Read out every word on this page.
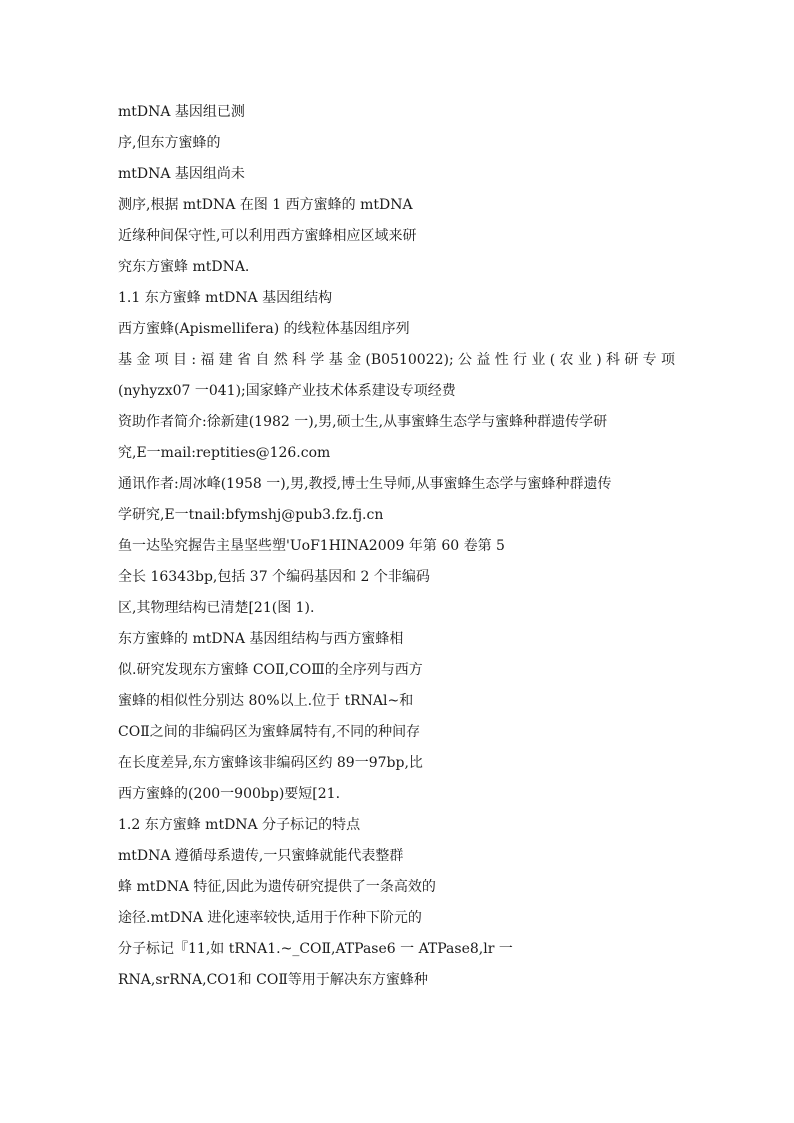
mtDNA 基因组已测
序,但东方蜜蜂的
mtDNA 基因组尚未
测序,根据 mtDNA 在图 1 西方蜜蜂的 mtDNA
近缘种间保守性,可以利用西方蜜蜂相应区域来研
究东方蜜蜂 mtDNA.
1.1 东方蜜蜂 mtDNA 基因组结构
西方蜜蜂(Apismellifera) 的线粒体基因组序列
基金项目:福建省自然科学基金(B0510022);公益性行业(农业)科研专项
(nyhyzx07 一041);国家蜂产业技术体系建设专项经费
资助作者简介:徐新建(1982 一),男,硕士生,从事蜜蜂生态学与蜜蜂种群遗传学研
究,E一mail:reptities@126.com
通讯作者:周冰峰(1958 一),男,教授,博士生导师,从事蜜蜂生态学与蜜蜂种群遗传
学研究,E一tnail:bfymshj@pub3.fz.fj.cn
鱼一达坠究握告主垦坚些塑'UoF1HINA2009 年第 60 卷第 5
全长 16343bp,包括 37 个编码基因和 2 个非编码
区,其物理结构已清楚[21(图 1).
东方蜜蜂的 mtDNA 基因组结构与西方蜜蜂相
似.研究发现东方蜜蜂 COⅡ,COⅢ的全序列与西方
蜜蜂的相似性分别达 80%以上.位于 tRNAl~和
COⅡ之间的非编码区为蜜蜂属特有,不同的种间存
在长度差异,东方蜜蜂该非编码区约 89一97bp,比
西方蜜蜂的(200一900bp)要短[21.
1.2 东方蜜蜂 mtDNA 分子标记的特点
mtDNA 遵循母系遗传,一只蜜蜂就能代表整群
蜂 mtDNA 特征,因此为遗传研究提供了一条高效的
途径.mtDNA 进化速率较快,适用于作种下阶元的
分子标记『11,如 tRNA1.~_COⅡ,ATPase6 一 ATPase8,lr 一
RNA,srRNA,CO1和 COⅡ等用于解决东方蜜蜂种
